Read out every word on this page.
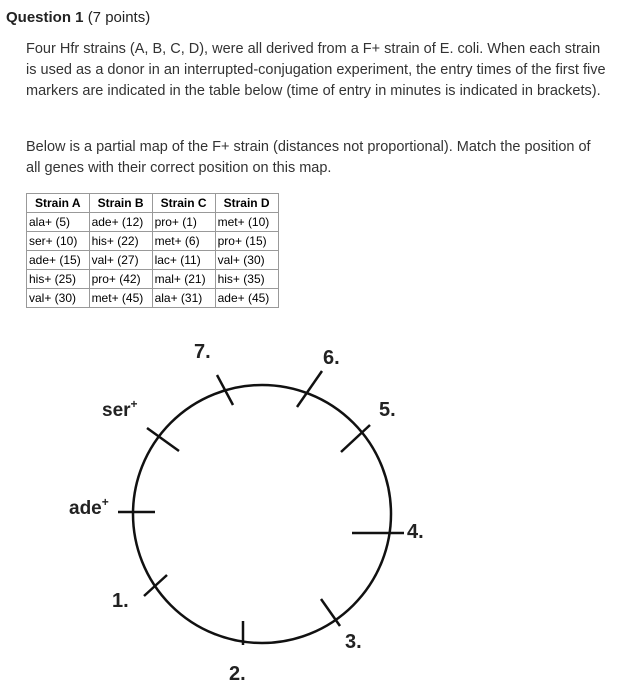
Question 1 (7 points)

Four Hfr strains (A, B, C, D), were all derived from a F+ strain of E. coli. When each strain is used as a donor in an interrupted-conjugation experiment, the entry times of the first five markers are indicated in the table below (time of entry in minutes is indicated in brackets).

Below is a partial map of the F+ strain (distances not proportional). Match the position of all genes with their correct position on this map.

Strain A	Strain B	Strain C	Strain D
ala+ (5)	ade+ (12)	pro+ (1)	met+ (10)
ser+ (10)	his+ (22)	met+ (6)	pro+ (15)
ade+ (15)	val+ (27)	lac+ (11)	val+ (30)
his+ (25)	pro+ (42)	mal+ (21)	his+ (35)
val+ (30)	met+ (45)	ala+ (31)	ade+ (45)
7.	6.
5.
4.
3.
2.
1.
ser+
ade+
